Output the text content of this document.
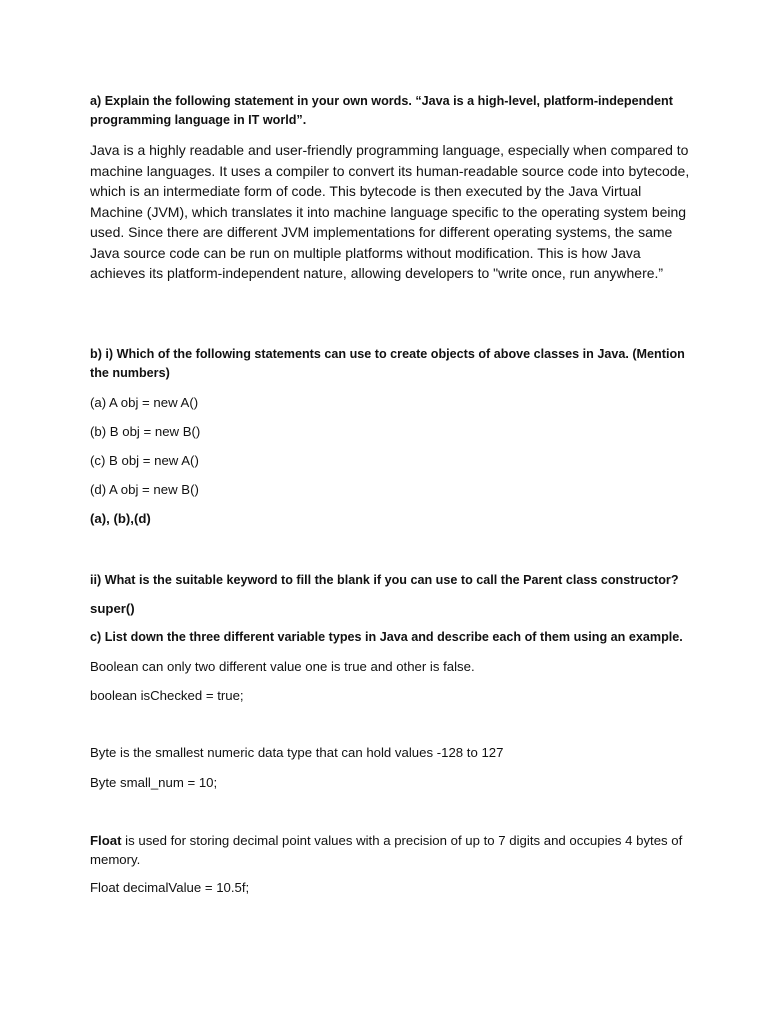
a) Explain the following statement in your own words. “Java is a high-level, platform-independent programming language in IT world”.

Java is a highly readable and user-friendly programming language, especially when compared to machine languages. It uses a compiler to convert its human-readable source code into bytecode, which is an intermediate form of code. This bytecode is then executed by the Java Virtual Machine (JVM), which translates it into machine language specific to the operating system being used. Since there are different JVM implementations for different operating systems, the same Java source code can be run on multiple platforms without modification. This is how Java achieves its platform-independent nature, allowing developers to "write once, run anywhere.”

b) i) Which of the following statements can use to create objects of above classes in Java. (Mention the numbers)

(a) A obj = new A()

(b) B obj = new B()

(c) B obj = new A()

(d) A obj = new B()

(a), (b),(d)

ii) What is the suitable keyword to fill the blank if you can use to call the Parent class constructor?

super()

c) List down the three different variable types in Java and describe each of them using an example.

Boolean can only two different value one is true and other is false.

boolean isChecked = true;

Byte is the smallest numeric data type that can hold values -128 to 127

Byte small_num = 10;

Float is used for storing decimal point values with a precision of up to 7 digits and occupies 4 bytes of memory.

Float decimalValue = 10.5f;
